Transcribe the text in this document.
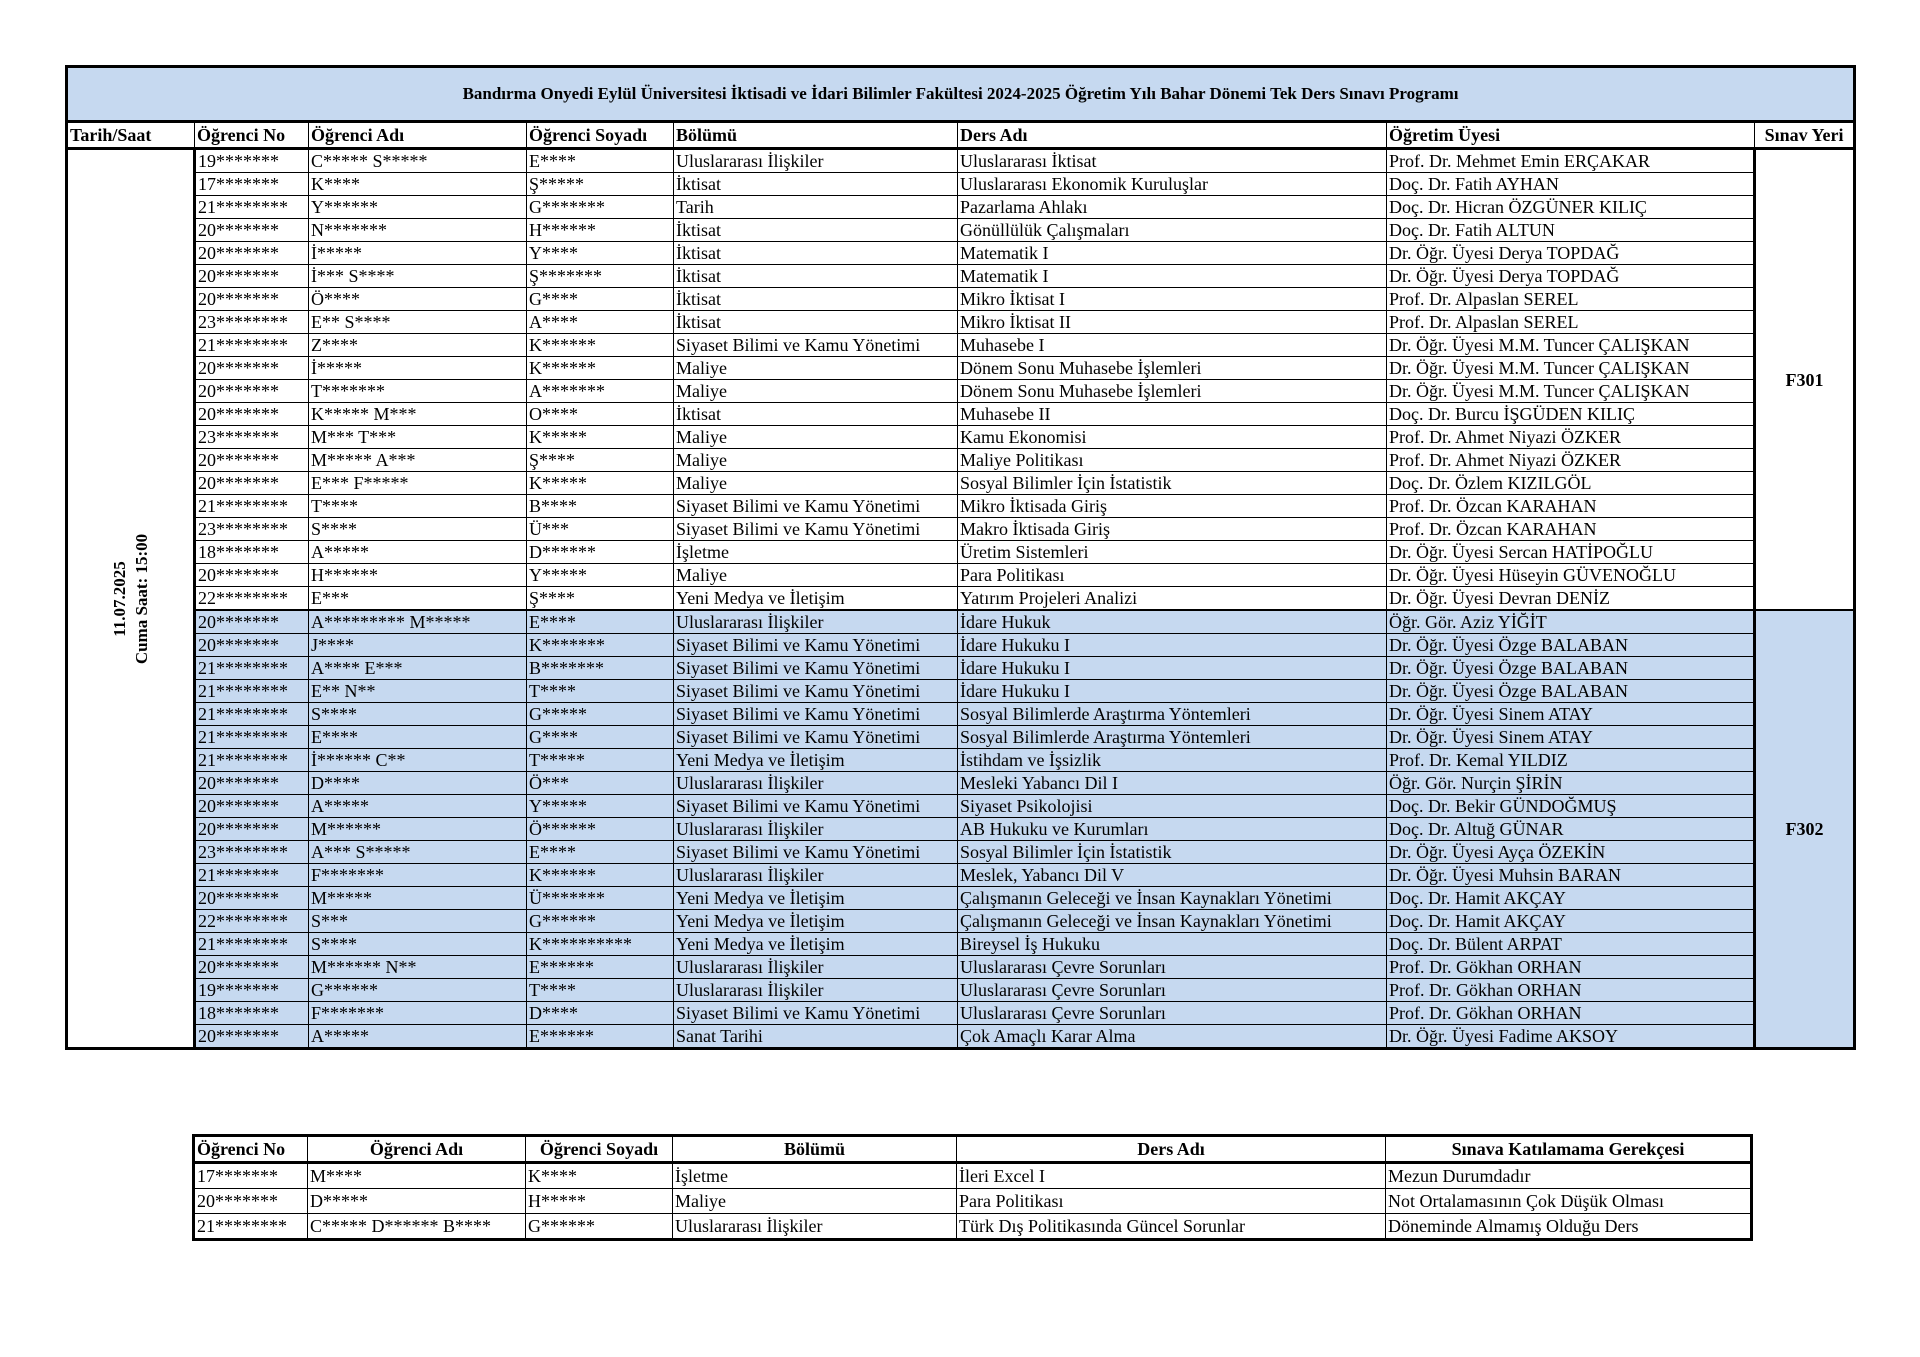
Bandırma Onyedi Eylül Üniversitesi İktisadi ve İdari Bilimler Fakültesi 2024-2025 Öğretim Yılı Bahar Dönemi Tek Ders Sınavı Programı							
Tarih/Saat	Öğrenci No	Öğrenci Adı	Öğrenci Soyadı	Bölümü	Ders Adı	Öğretim Üyesi	Sınav Yeri

11.07.2025 Cuma Saat: 15:00	19*******	C***** S*****	E****	Uluslararası İlişkiler	Uluslararası İktisat	Prof. Dr. Mehmet Emin ERÇAKAR	F301
	17*******	K****	Ş*****	İktisat	Uluslararası Ekonomik Kuruluşlar	Doç. Dr. Fatih AYHAN	
	21********	Y******	G*******	Tarih	Pazarlama Ahlakı	Doç. Dr. Hicran ÖZGÜNER KILIÇ	
	20*******	N*******	H******	İktisat	Gönüllülük Çalışmaları	Doç. Dr. Fatih ALTUN	
	20*******	İ*****	Y****	İktisat	Matematik I	Dr. Öğr. Üyesi Derya TOPDAĞ	
	20*******	İ*** S****	Ş*******	İktisat	Matematik I	Dr. Öğr. Üyesi Derya TOPDAĞ	
	20*******	Ö****	G****	İktisat	Mikro İktisat I	Prof. Dr. Alpaslan SEREL	
	23********	E** S****	A****	İktisat	Mikro İktisat II	Prof. Dr. Alpaslan SEREL	
	21********	Z****	K******	Siyaset Bilimi ve Kamu Yönetimi	Muhasebe I	Dr. Öğr. Üyesi M.M. Tuncer ÇALIŞKAN	
	20*******	İ*****	K******	Maliye	Dönem Sonu Muhasebe İşlemleri	Dr. Öğr. Üyesi M.M. Tuncer ÇALIŞKAN	
	20*******	T*******	A*******	Maliye	Dönem Sonu Muhasebe İşlemleri	Dr. Öğr. Üyesi M.M. Tuncer ÇALIŞKAN	
	20*******	K***** M***	O****	İktisat	Muhasebe II	Doç. Dr. Burcu İŞGÜDEN KILIÇ	
	23*******	M*** T***	K*****	Maliye	Kamu Ekonomisi	Prof. Dr. Ahmet Niyazi ÖZKER	
	20*******	M***** A***	Ş****	Maliye	Maliye Politikası	Prof. Dr. Ahmet Niyazi ÖZKER	
	20*******	E*** F*****	K*****	Maliye	Sosyal Bilimler İçin İstatistik	Doç. Dr. Özlem KIZILGÖL	
	21********	T****	B****	Siyaset Bilimi ve Kamu Yönetimi	Mikro İktisada Giriş	Prof. Dr. Özcan KARAHAN	
	23********	S****	Ü***	Siyaset Bilimi ve Kamu Yönetimi	Makro İktisada Giriş	Prof. Dr. Özcan KARAHAN	
	18*******	A*****	D******	İşletme	Üretim Sistemleri	Dr. Öğr. Üyesi Sercan HATİPOĞLU	
	20*******	H******	Y*****	Maliye	Para Politikası	Dr. Öğr. Üyesi Hüseyin GÜVENOĞLU	
	22********	E***	Ş****	Yeni Medya ve İletişim	Yatırım Projeleri Analizi	Dr. Öğr. Üyesi Devran DENİZ	
	20*******	A********* M*****	E****	Uluslararası İlişkiler	İdare Hukuk	Öğr. Gör. Aziz YİĞİT	F302
	20*******	J****	K*******	Siyaset Bilimi ve Kamu Yönetimi	İdare Hukuku I	Dr. Öğr. Üyesi Özge BALABAN	
	21********	A**** E***	B*******	Siyaset Bilimi ve Kamu Yönetimi	İdare Hukuku I	Dr. Öğr. Üyesi Özge BALABAN	
	21********	E** N**	T****	Siyaset Bilimi ve Kamu Yönetimi	İdare Hukuku I	Dr. Öğr. Üyesi Özge BALABAN	
	21********	S****	G*****	Siyaset Bilimi ve Kamu Yönetimi	Sosyal Bilimlerde Araştırma Yöntemleri	Dr. Öğr. Üyesi Sinem ATAY	
	21********	E****	G****	Siyaset Bilimi ve Kamu Yönetimi	Sosyal Bilimlerde Araştırma Yöntemleri	Dr. Öğr. Üyesi Sinem ATAY	
	21********	İ****** C**	T*****	Yeni Medya ve İletişim	İstihdam ve İşsizlik	Prof. Dr. Kemal YILDIZ	
	20*******	D****	Ö***	Uluslararası İlişkiler	Mesleki Yabancı Dil I	Öğr. Gör. Nurçin ŞİRİN	
	20*******	A*****	Y*****	Siyaset Bilimi ve Kamu Yönetimi	Siyaset Psikolojisi	Doç. Dr. Bekir GÜNDOĞMUŞ	
	20*******	M******	Ö******	Uluslararası İlişkiler	AB Hukuku ve Kurumları	Doç. Dr. Altuğ GÜNAR	
	23********	A*** S*****	E****	Siyaset Bilimi ve Kamu Yönetimi	Sosyal Bilimler İçin İstatistik	Dr. Öğr. Üyesi Ayça ÖZEKİN	
	21*******	F*******	K******	Uluslararası İlişkiler	Meslek, Yabancı Dil V	Dr. Öğr. Üyesi Muhsin BARAN	
	20*******	M*****	Ü*******	Yeni Medya ve İletişim	Çalışmanın Geleceği ve İnsan Kaynakları Yönetimi	Doç. Dr. Hamit AKÇAY	
	22********	S***	G******	Yeni Medya ve İletişim	Çalışmanın Geleceği ve İnsan Kaynakları Yönetimi	Doç. Dr. Hamit AKÇAY	
	21********	S****	K**********	Yeni Medya ve İletişim	Bireysel İş Hukuku	Doç. Dr. Bülent ARPAT	
	20*******	M****** N**	E******	Uluslararası İlişkiler	Uluslararası Çevre Sorunları	Prof. Dr. Gökhan ORHAN	
	19*******	G******	T****	Uluslararası İlişkiler	Uluslararası Çevre Sorunları	Prof. Dr. Gökhan ORHAN	
	18*******	F*******	D****	Siyaset Bilimi ve Kamu Yönetimi	Uluslararası Çevre Sorunları	Prof. Dr. Gökhan ORHAN	
	20*******	A*****	E******	Sanat Tarihi	Çok Amaçlı Karar Alma	Dr. Öğr. Üyesi Fadime AKSOY	
Öğrenci No	Öğrenci Adı	Öğrenci Soyadı	Bölümü	Ders Adı	Sınava Katılamama Gerekçesi
17*******	M****	K****	İşletme	İleri Excel I	Mezun Durumdadır
20*******	D*****	H*****	Maliye	Para Politikası	Not Ortalamasının Çok Düşük Olması
21********	C***** D****** B****	G******	Uluslararası İlişkiler	Türk Dış Politikasında Güncel Sorunlar	Döneminde Almamış Olduğu Ders
